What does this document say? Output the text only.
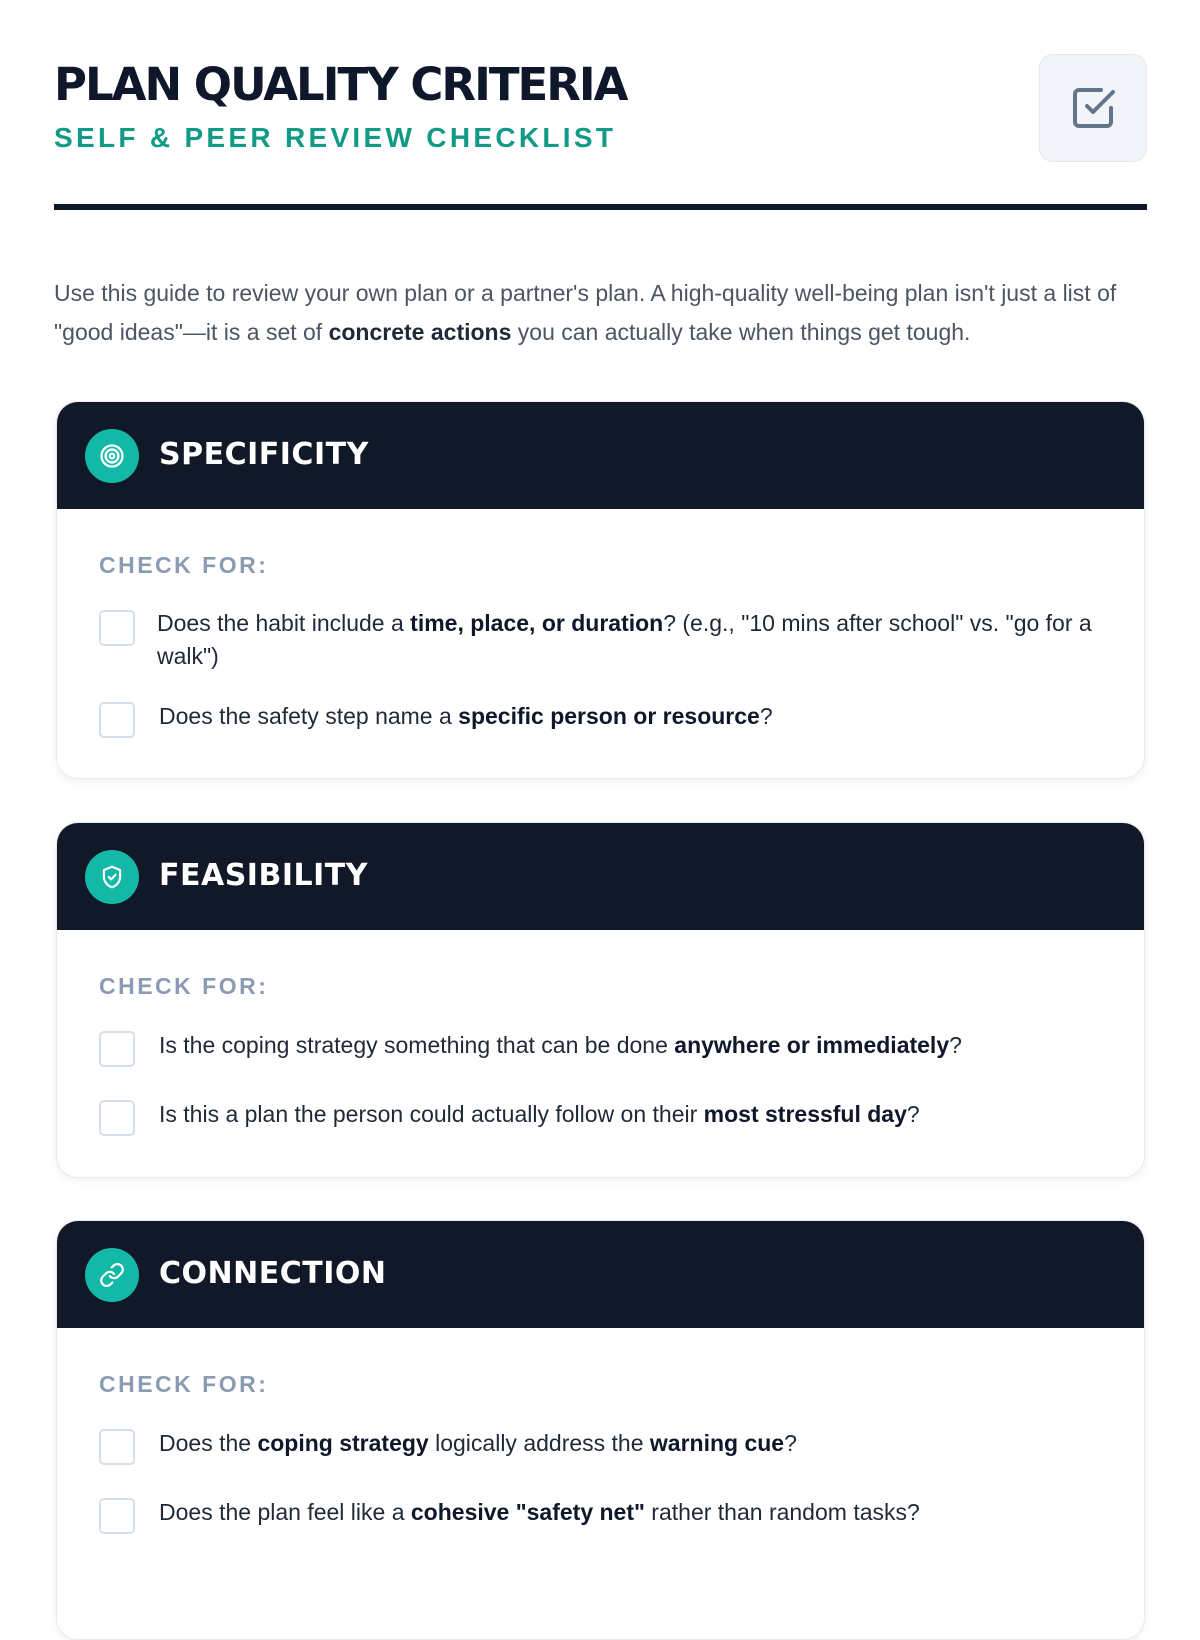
PLAN QUALITY CRITERIA
SELF & PEER REVIEW CHECKLIST

Use this guide to review your own plan or a partner's plan. A high-quality well-being plan isn't just a list of "good ideas"—it is a set of concrete actions you can actually take when things get tough.

SPECIFICITY

CHECK FOR:

Does the habit include a time, place, or duration? (e.g., "10 mins after school" vs. "go for a walk")
Does the safety step name a specific person or resource?
FEASIBILITY

CHECK FOR:

Is the coping strategy something that can be done anywhere or immediately?
Is this a plan the person could actually follow on their most stressful day?
CONNECTION

CHECK FOR:

Does the coping strategy logically address the warning cue?
Does the plan feel like a cohesive "safety net" rather than random tasks?
